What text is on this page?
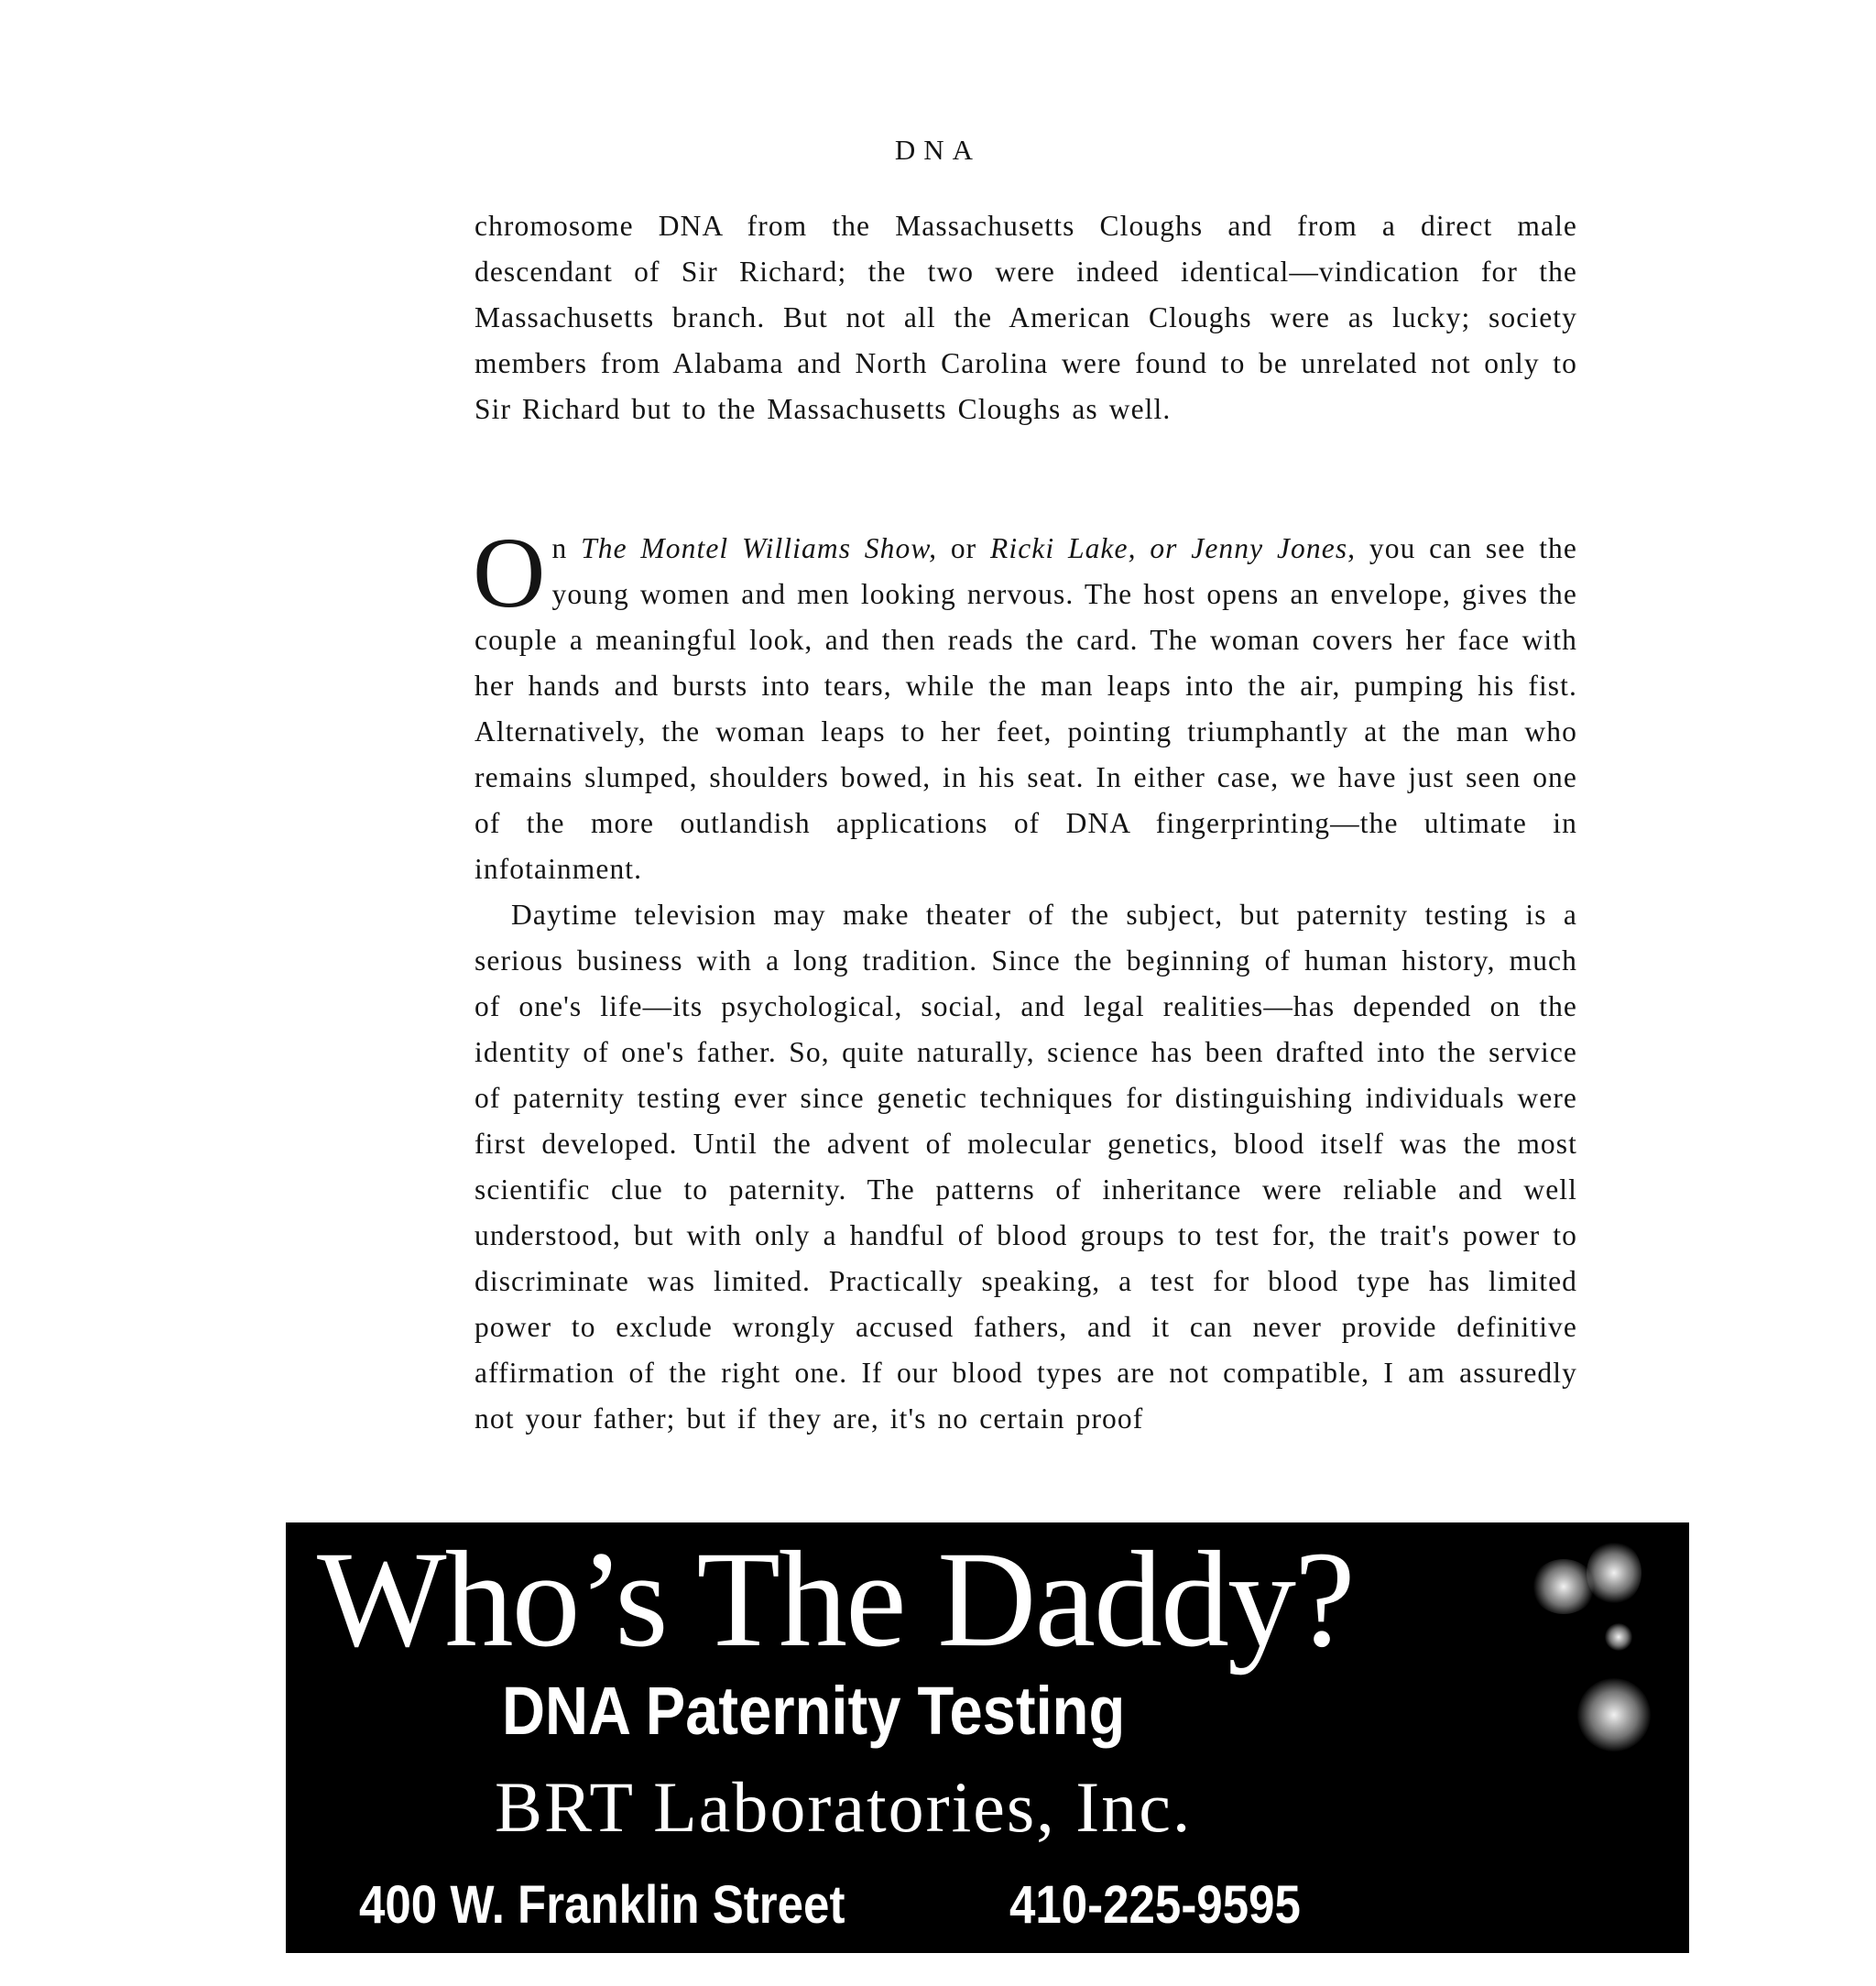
DNA

chromosome DNA from the Massachusetts Cloughs and from a direct male descendant of Sir Richard; the two were indeed identical—vindication for the Massachusetts branch. But not all the American Cloughs were as lucky; society members from Alabama and North Carolina were found to be unrelated not only to Sir Richard but to the Massachusetts Cloughs as well.

On The Montel Williams Show, or Ricki Lake, or Jenny Jones, you can see the young women and men looking nervous. The host opens an envelope, gives the couple a meaningful look, and then reads the card. The woman covers her face with her hands and bursts into tears, while the man leaps into the air, pumping his fist. Alternatively, the woman leaps to her feet, pointing triumphantly at the man who remains slumped, shoulders bowed, in his seat. In either case, we have just seen one of the more outlandish applications of DNA fingerprinting—the ultimate in infotainment.

Daytime television may make theater of the subject, but paternity testing is a serious business with a long tradition. Since the beginning of human history, much of one's life—its psychological, social, and legal realities—has depended on the identity of one's father. So, quite naturally, science has been drafted into the service of paternity testing ever since genetic techniques for distinguishing individuals were first developed. Until the advent of molecular genetics, blood itself was the most scientific clue to paternity. The patterns of inheritance were reliable and well understood, but with only a handful of blood groups to test for, the trait's power to discriminate was limited. Practically speaking, a test for blood type has limited power to exclude wrongly accused fathers, and it can never provide definitive affirmation of the right one. If our blood types are not compatible, I am assuredly not your father; but if they are, it's no certain proof

Who’s The Daddy?
DNA Paternity Testing
BRT Laboratories, Inc.
400 W. Franklin Street	410-225-9595
